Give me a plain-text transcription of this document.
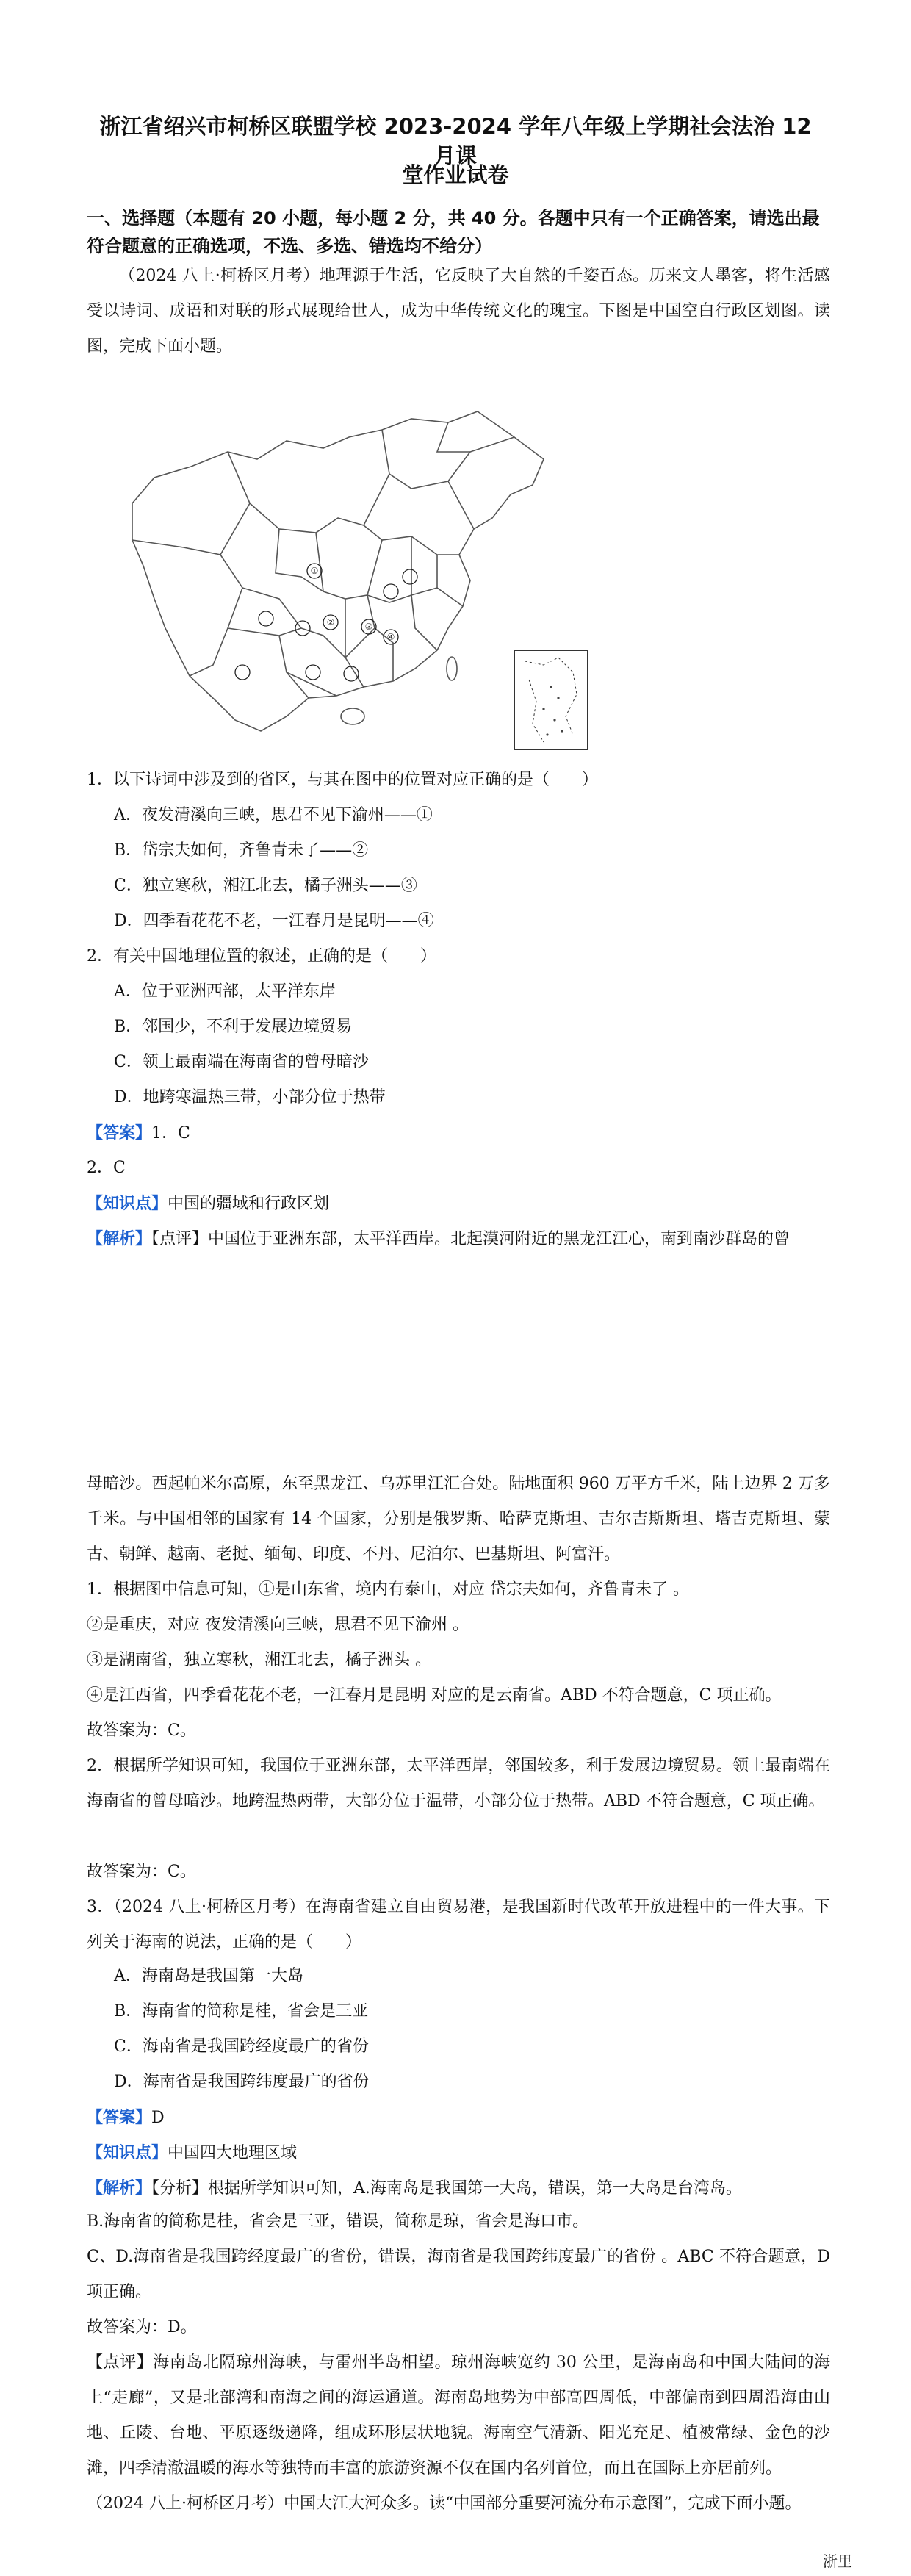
浙江省绍兴市柯桥区联盟学校 2023-2024 学年八年级上学期社会法治 12 月课
堂作业试卷
一、选择题（本题有 20 小题，每小题 2 分，共 40 分。各题中只有一个正确答案，请选出最符合题意的正确选项，不选、多选、错选均不给分）
（2024 八上·柯桥区月考）地理源于生活，它反映了大自然的千姿百态。历来文人墨客，将生活感受以诗词、成语和对联的形式展现给世人，成为中华传统文化的瑰宝。下图是中国空白行政区划图。读图，完成下面小题。
①
②	③
④
1．以下诗词中涉及到的省区，与其在图中的位置对应正确的是（　　）
A．夜发清溪向三峡，思君不见下渝州——①
B．岱宗夫如何，齐鲁青未了——②
C．独立寒秋，湘江北去，橘子洲头——③
D．四季看花花不老，一江春月是昆明——④
2．有关中国地理位置的叙述，正确的是（　　）
A．位于亚洲西部，太平洋东岸
B．邻国少，不利于发展边境贸易
C．领土最南端在海南省的曾母暗沙
D．地跨寒温热三带，小部分位于热带
【答案】1．C
2．C
【知识点】中国的疆域和行政区划
【解析】【点评】中国位于亚洲东部，太平洋西岸。北起漠河附近的黑龙江江心，南到南沙群岛的曾
母暗沙。西起帕米尔高原，东至黑龙江、乌苏里江汇合处。陆地面积 960 万平方千米，陆上边界 2 万多千米。与中国相邻的国家有 14 个国家，分别是俄罗斯、哈萨克斯坦、吉尔吉斯斯坦、塔吉克斯坦、蒙古、朝鲜、越南、老挝、缅甸、印度、不丹、尼泊尔、巴基斯坦、阿富汗。
1．根据图中信息可知，①是山东省，境内有泰山，对应 岱宗夫如何，齐鲁青未了 。
②是重庆，对应 夜发清溪向三峡，思君不见下渝州 。
③是湖南省，独立寒秋，湘江北去，橘子洲头 。
④是江西省，四季看花花不老，一江春月是昆明 对应的是云南省。ABD 不符合题意，C 项正确。
故答案为：C。
2．根据所学知识可知，我国位于亚洲东部，太平洋西岸，邻国较多，利于发展边境贸易。领土最南端在海南省的曾母暗沙。地跨温热两带，大部分位于温带，小部分位于热带。ABD 不符合题意，C 项正确。
故答案为：C。
3．（2024 八上·柯桥区月考）在海南省建立自由贸易港，是我国新时代改革开放进程中的一件大事。下列关于海南的说法，正确的是（　　）
A．海南岛是我国第一大岛
B．海南省的简称是桂，省会是三亚
C．海南省是我国跨经度最广的省份
D．海南省是我国跨纬度最广的省份
【答案】D
【知识点】中国四大地理区域
【解析】【分析】根据所学知识可知，A.海南岛是我国第一大岛，错误，第一大岛是台湾岛。
B.海南省的简称是桂，省会是三亚，错误，简称是琼，省会是海口市。
C、D.海南省是我国跨经度最广的省份，错误，海南省是我国跨纬度最广的省份 。ABC 不符合题意，D 项正确。
故答案为：D。
【点评】海南岛北隔琼州海峡，与雷州半岛相望。琼州海峡宽约 30 公里，是海南岛和中国大陆间的海上“走廊”，又是北部湾和南海之间的海运通道。海南岛地势为中部高四周低，中部偏南到四周沿海由山地、丘陵、台地、平原逐级递降，组成环形层状地貌。海南空气清新、阳光充足、植被常绿、金色的沙滩，四季清澈温暖的海水等独特而丰富的旅游资源不仅在国内名列首位，而且在国际上亦居前列。
（2024 八上·柯桥区月考）中国大江大河众多。读“中国部分重要河流分布示意图”，完成下面小题。
浙里
